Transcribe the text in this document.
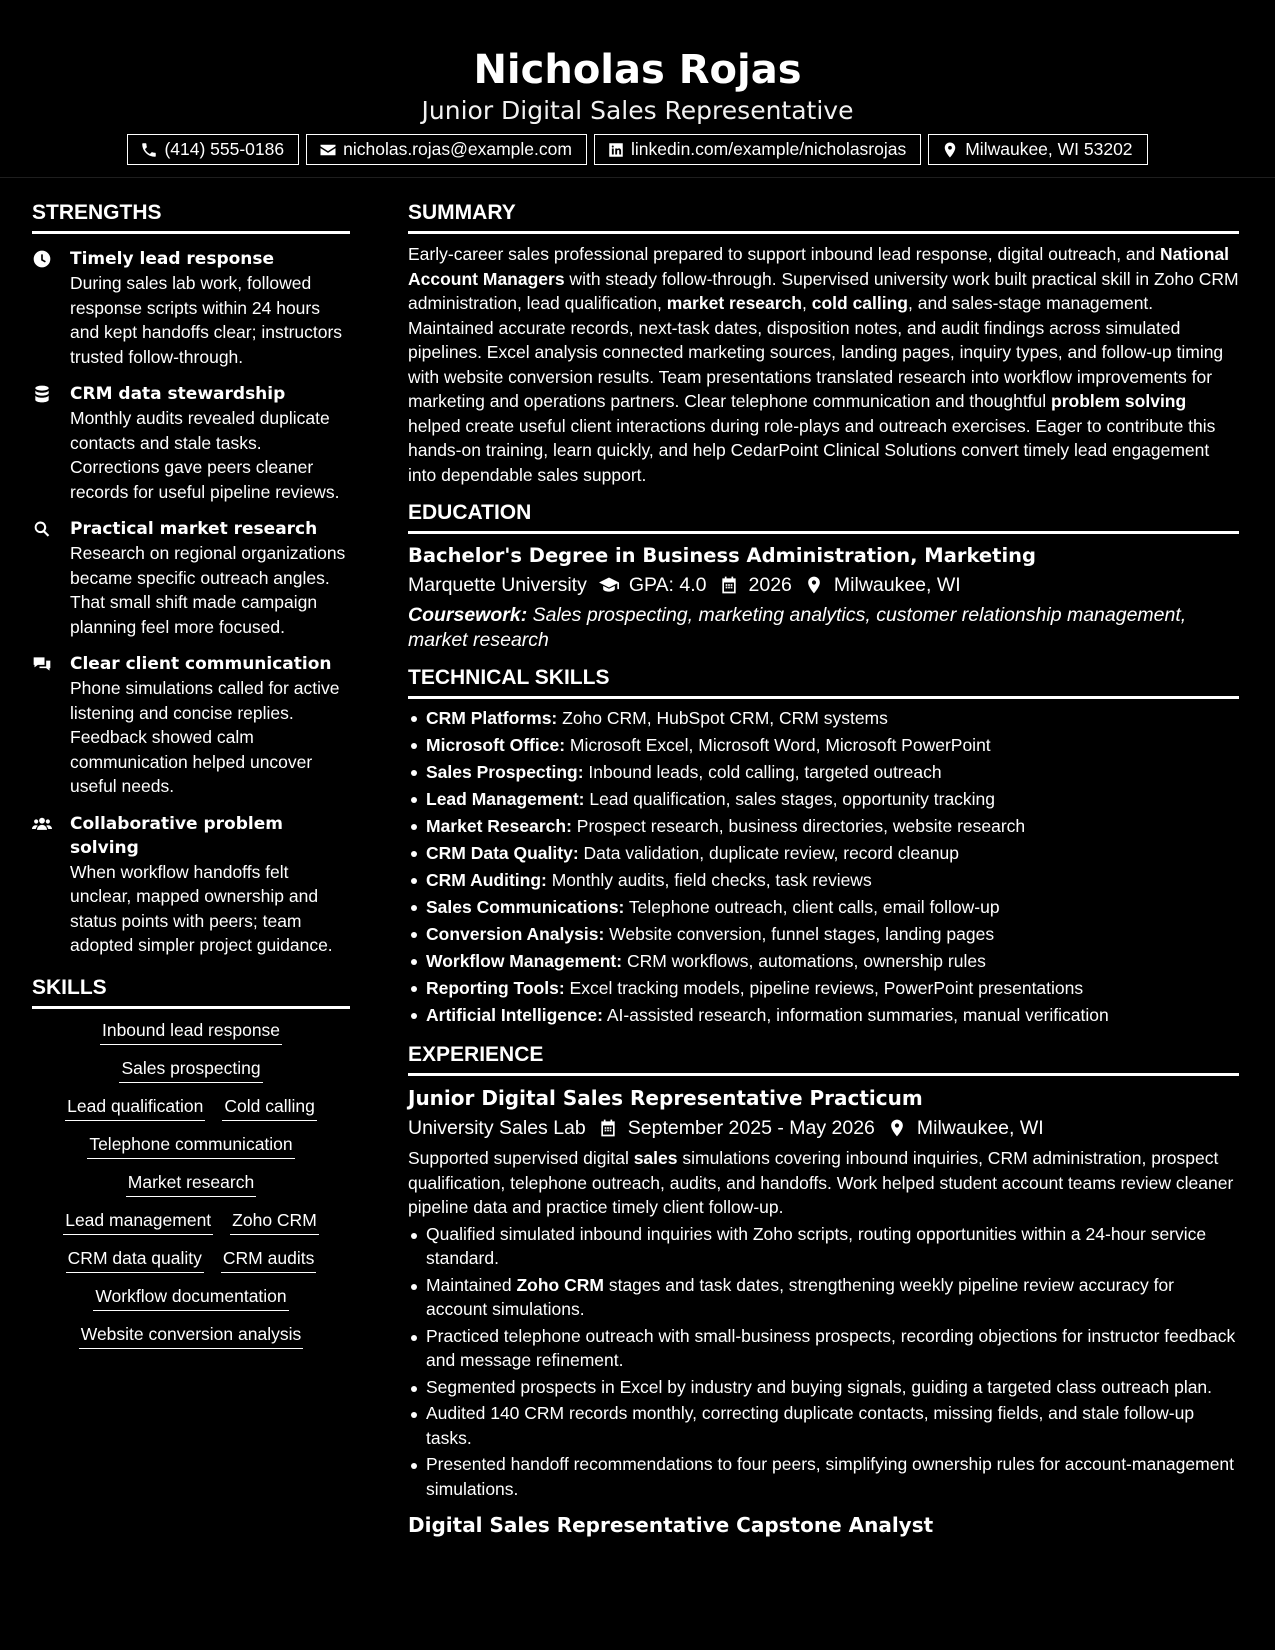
Nicholas Rojas
Junior Digital Sales Representative
(414) 555-0186	nicholas.rojas@example.com	linkedin.com/example/nicholasrojas	Milwaukee, WI 53202
STRENGTHS
Timely lead response
During sales lab work, followed response scripts within 24 hours and kept handoffs clear; instructors trusted follow-through.
CRM data stewardship
Monthly audits revealed duplicate contacts and stale tasks. Corrections gave peers cleaner records for useful pipeline reviews.
Practical market research
Research on regional organizations became specific outreach angles. That small shift made campaign planning feel more focused.
Clear client communication
Phone simulations called for active listening and concise replies. Feedback showed calm communication helped uncover useful needs.
Collaborative problem solving
When workflow handoffs felt unclear, mapped ownership and status points with peers; team adopted simpler project guidance.
SKILLS
Inbound lead response
Sales prospecting
Lead qualification Cold calling
Telephone communication
Market research
Lead management Zoho CRM
CRM data quality CRM audits
Workflow documentation
Website conversion analysis
SUMMARY
Early-career sales professional prepared to support inbound lead response, digital outreach, and National Account Managers with steady follow-through. Supervised university work built practical skill in Zoho CRM administration, lead qualification, market research, cold calling, and sales-stage management. Maintained accurate records, next-task dates, disposition notes, and audit findings across simulated pipelines. Excel analysis connected marketing sources, landing pages, inquiry types, and follow-up timing with website conversion results. Team presentations translated research into workflow improvements for marketing and operations partners. Clear telephone communication and thoughtful problem solving helped create useful client interactions during role-plays and outreach exercises. Eager to contribute this hands-on training, learn quickly, and help CedarPoint Clinical Solutions convert timely lead engagement into dependable sales support.
EDUCATION
Bachelor's Degree in Business Administration, Marketing
Marquette University GPA: 4.0 2026 Milwaukee, WI
Coursework: Sales prospecting, marketing analytics, customer relationship management, market research
TECHNICAL SKILLS
CRM Platforms: Zoho CRM, HubSpot CRM, CRM systems
Microsoft Office: Microsoft Excel, Microsoft Word, Microsoft PowerPoint
Sales Prospecting: Inbound leads, cold calling, targeted outreach
Lead Management: Lead qualification, sales stages, opportunity tracking
Market Research: Prospect research, business directories, website research
CRM Data Quality: Data validation, duplicate review, record cleanup
CRM Auditing: Monthly audits, field checks, task reviews
Sales Communications: Telephone outreach, client calls, email follow-up
Conversion Analysis: Website conversion, funnel stages, landing pages
Workflow Management: CRM workflows, automations, ownership rules
Reporting Tools: Excel tracking models, pipeline reviews, PowerPoint presentations
Artificial Intelligence: AI-assisted research, information summaries, manual verification
EXPERIENCE
Junior Digital Sales Representative Practicum
University Sales Lab September 2025 - May 2026 Milwaukee, WI
Supported supervised digital sales simulations covering inbound inquiries, CRM administration, prospect qualification, telephone outreach, audits, and handoffs. Work helped student account teams review cleaner pipeline data and practice timely client follow-up.
Qualified simulated inbound inquiries with Zoho scripts, routing opportunities within a 24-hour service standard.
Maintained Zoho CRM stages and task dates, strengthening weekly pipeline review accuracy for account simulations.
Practiced telephone outreach with small-business prospects, recording objections for instructor feedback and message refinement.
Segmented prospects in Excel by industry and buying signals, guiding a targeted class outreach plan.
Audited 140 CRM records monthly, correcting duplicate contacts, missing fields, and stale follow-up tasks.
Presented handoff recommendations to four peers, simplifying ownership rules for account-management simulations.
Digital Sales Representative Capstone Analyst
